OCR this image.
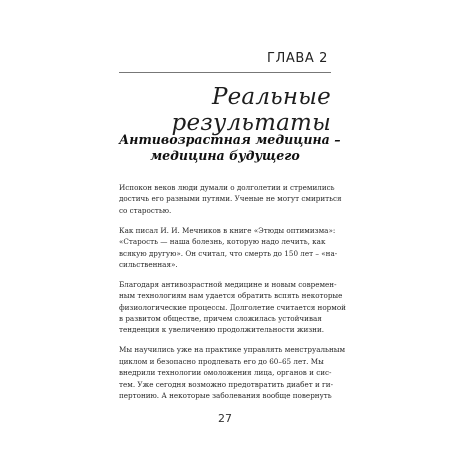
ГЛАВА 2
Реальные результаты
Антивозрастная медицина –
медицина будущего

Испокон веков люди думали о долголетии и стремились
достичь его разными путями. Ученые не могут смириться
со старостью.

Как писал И. И. Мечников в книге «Этюды оптимизма»:
«Старость — наша болезнь, которую надо лечить, как
всякую другую». Он считал, что смерть до 150 лет – «на-
сильственная».

Благодаря антивозрастной медицине и новым современ-
ным технологиям нам удается обратить вспять некоторые
физиологические процессы. Долголетие считается нормой
в развитом обществе, причем сложилась устойчивая
тенденция к увеличению продолжительности жизни.

Мы научились уже на практике управлять менструальным
циклом и безопасно продлевать его до 60–65 лет. Мы
внедрили технологии омоложения лица, органов и сис-
тем. Уже сегодня возможно предотвратить диабет и ги-
пертонию. А некоторые заболевания вообще повернуть

27
